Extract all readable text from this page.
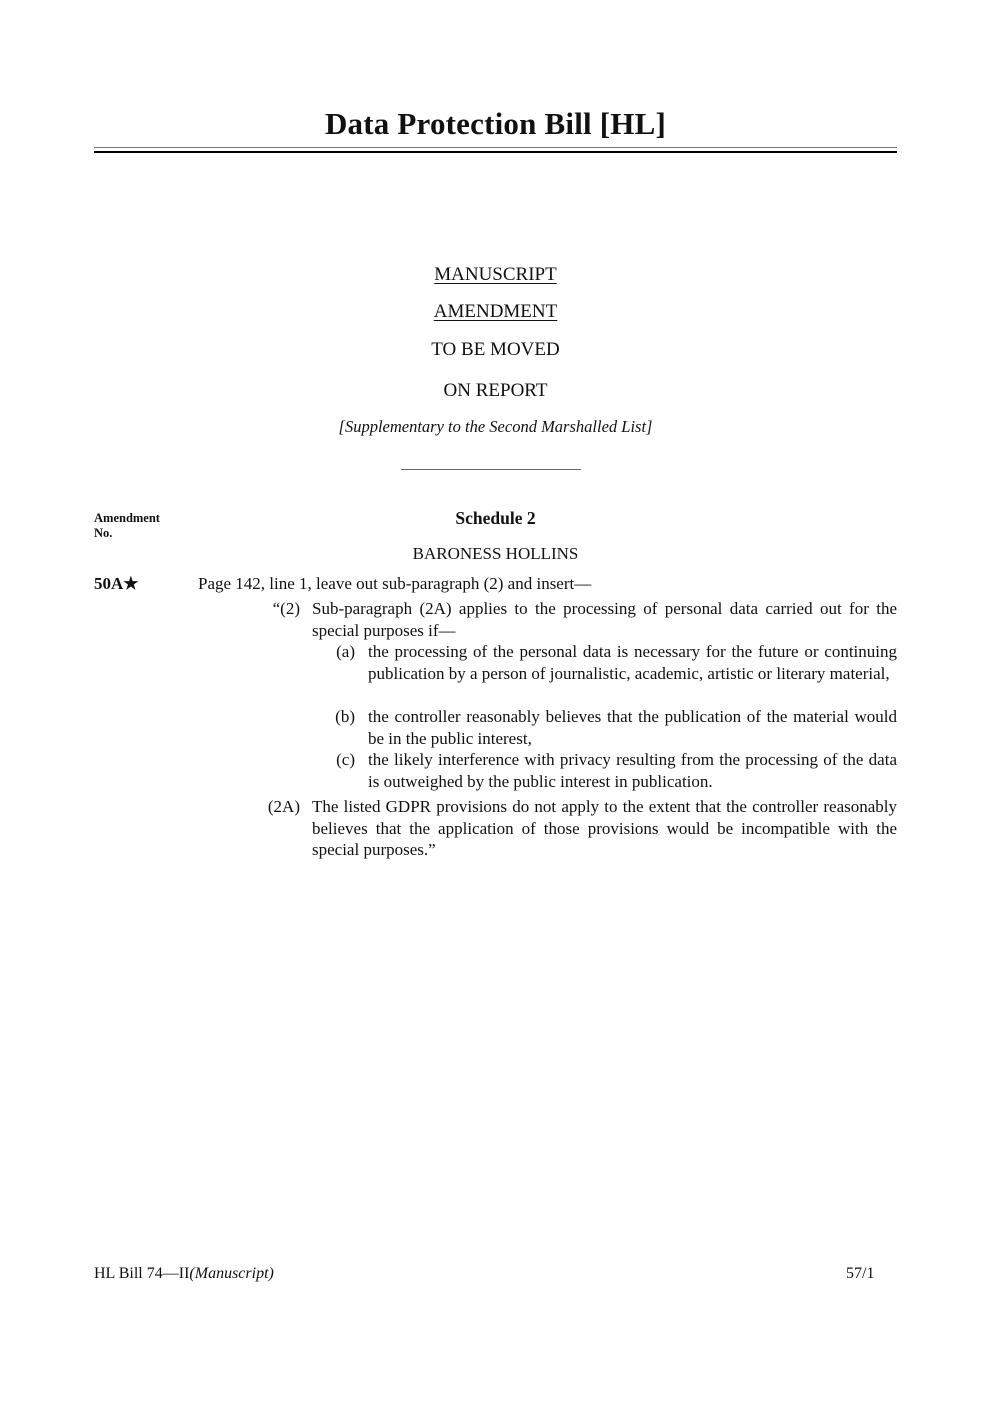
Data Protection Bill [HL]
MANUSCRIPT
AMENDMENT
TO BE MOVED
ON REPORT
[Supplementary to the Second Marshalled List]
Amendment
No.
Schedule 2
BARONESS HOLLINS
50A★	Page 142, line 1, leave out sub-paragraph (2) and insert—
“(2) Sub-paragraph (2A) applies to the processing of personal data carried out for the special purposes if—
(a) the processing of the personal data is necessary for the future or continuing publication by a person of journalistic, academic, artistic or literary material,
(b) the controller reasonably believes that the publication of the material would be in the public interest,
(c) the likely interference with privacy resulting from the processing of the data is outweighed by the public interest in publication.
(2A) The listed GDPR provisions do not apply to the extent that the controller reasonably believes that the application of those provisions would be incompatible with the special purposes.”
HL Bill 74—II(Manuscript)	57/1
